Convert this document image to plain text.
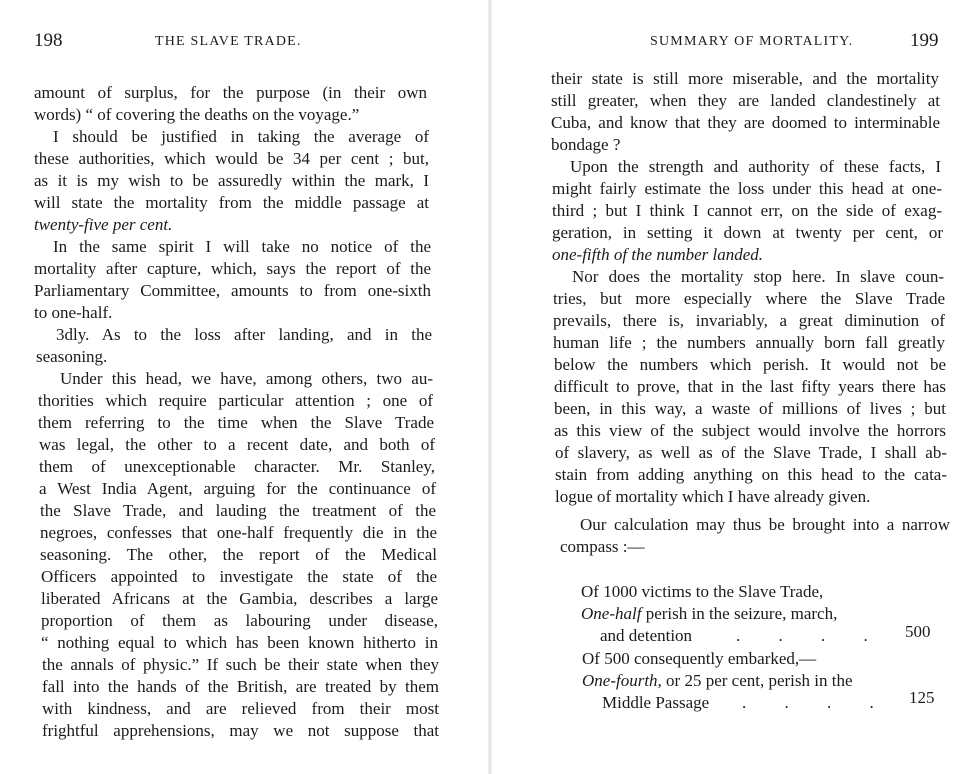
198	THE SLAVE TRADE.
amount of surplus, for the purpose (in their own
words) “ of covering the deaths on the voyage.”
I should be justified in taking the average of
these authorities, which would be 34 per cent ; but,
as it is my wish to be assuredly within the mark, I
will state the mortality from the middle passage at
twenty-five per cent.
In the same spirit I will take no notice of the
mortality after capture, which, says the report of the
Parliamentary Committee, amounts to from one-sixth
to one-half.
3dly. As to the loss after landing, and in the
seasoning.
Under this head, we have, among others, two au-
thorities which require particular attention ; one of
them referring to the time when the Slave Trade
was legal, the other to a recent date, and both of
them of unexceptionable character. Mr. Stanley,
a West India Agent, arguing for the continuance of
the Slave Trade, and lauding the treatment of the
negroes, confesses that one-half frequently die in the
seasoning. The other, the report of the Medical
Officers appointed to investigate the state of the
liberated Africans at the Gambia, describes a large
proportion of them as labouring under disease,
“ nothing equal to which has been known hitherto in
the annals of physic.” If such be their state when they
fall into the hands of the British, are treated by them
with kindness, and are relieved from their most
frightful apprehensions, may we not suppose that
SUMMARY OF MORTALITY.	199
their state is still more miserable, and the mortality
still greater, when they are landed clandestinely at
Cuba, and know that they are doomed to interminable
bondage ?
Upon the strength and authority of these facts, I
might fairly estimate the loss under this head at one-
third ; but I think I cannot err, on the side of exag-
geration, in setting it down at twenty per cent, or
one-fifth of the number landed.
Nor does the mortality stop here. In slave coun-
tries, but more especially where the Slave Trade
prevails, there is, invariably, a great diminution of
human life ; the numbers annually born fall greatly
below the numbers which perish. It would not be
difficult to prove, that in the last fifty years there has
been, in this way, a waste of millions of lives ; but
as this view of the subject would involve the horrors
of slavery, as well as of the Slave Trade, I shall ab-
stain from adding anything on this head to the cata-
logue of mortality which I have already given.
Our calculation may thus be brought into a narrow
compass :—
Of 1000 victims to the Slave Trade,
One-half perish in the seizure, march,
and detention	. . . . 500
Of 500 consequently embarked,—
One-fourth, or 25 per cent, perish in the
Middle Passage . . . . 125
